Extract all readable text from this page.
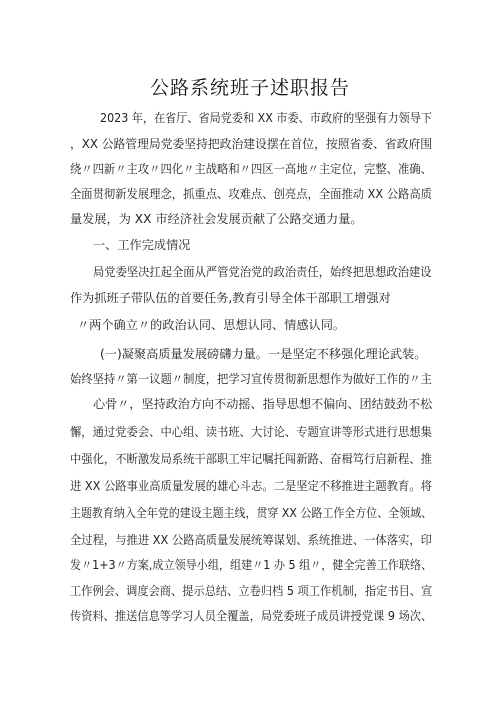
公路系统班子述职报告
2023 年，在省厅、省局党委和 XX 市委、市政府的坚强有力领导下
，XX 公路管理局党委坚持把政治建设摆在首位，按照省委、省政府围
绕〃四新〃主攻〃四化〃主战略和〃四区一高地〃主定位，完整、准确、
全面贯彻新发展理念，抓重点、攻难点、创亮点，全面推动 XX 公路高质
量发展，为 XX 市经济社会发展贡献了公路交通力量。
一、工作完成情况
局党委坚决扛起全面从严管党治党的政治责任，始终把思想政治建设
作为抓班子带队伍的首要任务,教育引导全体干部职工增强对
〃两个确立〃的政治认同、思想认同、情感认同。
(一)凝聚高质量发展磅礴力量。一是坚定不移强化理论武装。
始终坚持〃第一议题〃制度，把学习宣传贯彻新思想作为做好工作的〃主
心骨〃，坚持政治方向不动摇、指导思想不偏向、团结鼓劲不松
懈，通过党委会、中心组、读书班、大讨论、专题宣讲等形式进行思想集
中强化，不断激发局系统干部职工牢记嘱托闯新路、奋楫笃行启新程、推
进 XX 公路事业高质量发展的雄心斗志。二是坚定不移推进主题教育。将
主题教育纳入全年党的建设主题主线，贯穿 XX 公路工作全方位、全领域、
全过程，与推进 XX 公路高质量发展统筹谋划、系统推进、一体落实，印
发〃1+3〃方案,成立领导小组，组建〃1 办 5 组〃，健全完善工作联络、
工作例会、调度会商、提示总结、立卷归档 5 项工作机制，指定书目、宣
传资料、推送信息等学习人员全覆盖，局党委班子成员讲授党课 9 场次、
